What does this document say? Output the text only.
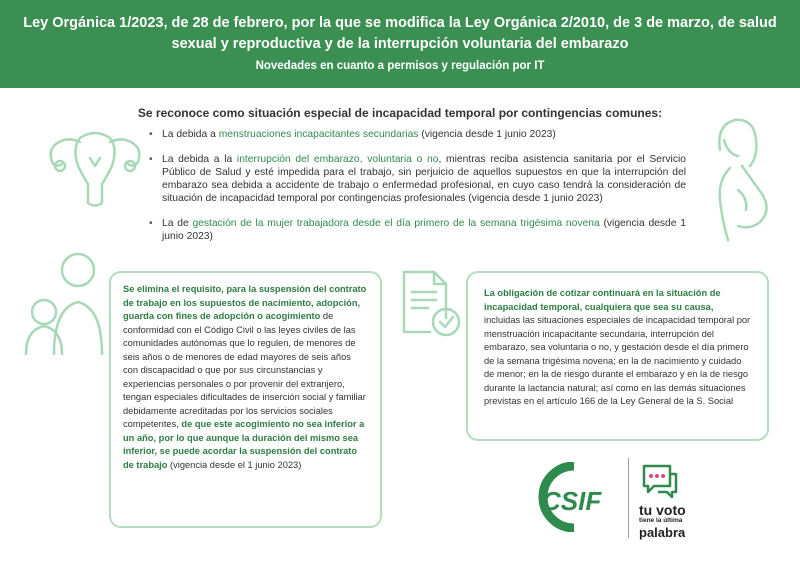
Ley Orgánica 1/2023, de 28 de febrero, por la que se modifica la Ley Orgánica 2/2010, de 3 de marzo, de salud sexual y reproductiva y de la interrupción voluntaria del embarazo
Novedades en cuanto a permisos y regulación por IT
Se reconoce como situación especial de incapacidad temporal por contingencias comunes:
• La debida a menstruaciones incapacitantes secundarias (vigencia desde 1 junio 2023)
• La debida a la interrupción del embarazo, voluntaria o no, mientras reciba asistencia sanitaria por el Servicio Público de Salud y esté impedida para el trabajo, sin perjuicio de aquellos supuestos en que la interrupción del embarazo sea debida a accidente de trabajo o enfermedad profesional, en cuyo caso tendrá la consideración de situación de incapacidad temporal por contingencias profesionales (vigencia desde 1 junio 2023)
• La de gestación de la mujer trabajadora desde el día primero de la semana trigésima novena (vigencia desde 1 junio 2023)
Se elimina el requisito, para la suspensión del contrato de trabajo en los supuestos de nacimiento, adopción, guarda con fines de adopción o acogimiento de conformidad con el Código Civil o las leyes civiles de las comunidades autónomas que lo regulen, de menores de seis años o de menores de edad mayores de seis años con discapacidad o que por sus circunstancias y experiencias personales o por provenir del extranjero, tengan especiales dificultades de inserción social y familiar debidamente acreditadas por los servicios sociales competentes, de que este acogimiento no sea inferior a un año, por lo que aunque la duración del mismo sea inferior, se puede acordar la suspensión del contrato de trabajo (vigencia desde el 1 junio 2023)
La obligación de cotizar continuará en la situación de incapacidad temporal, cualquiera que sea su causa, incluidas las situaciones especiales de incapacidad temporal por menstruación incapacitante secundaria, interrupción del embarazo, sea voluntaria o no, y gestación desde el día primero de la semana trigésima novena; en la de nacimiento y cuidado de menor; en la de riesgo durante el embarazo y en la de riesgo durante la lactancia natural; así como en las demás situaciones previstas en el artículo 166 de la Ley General de la S. Social
CSIF	tu voto
tiene la última
palabra
